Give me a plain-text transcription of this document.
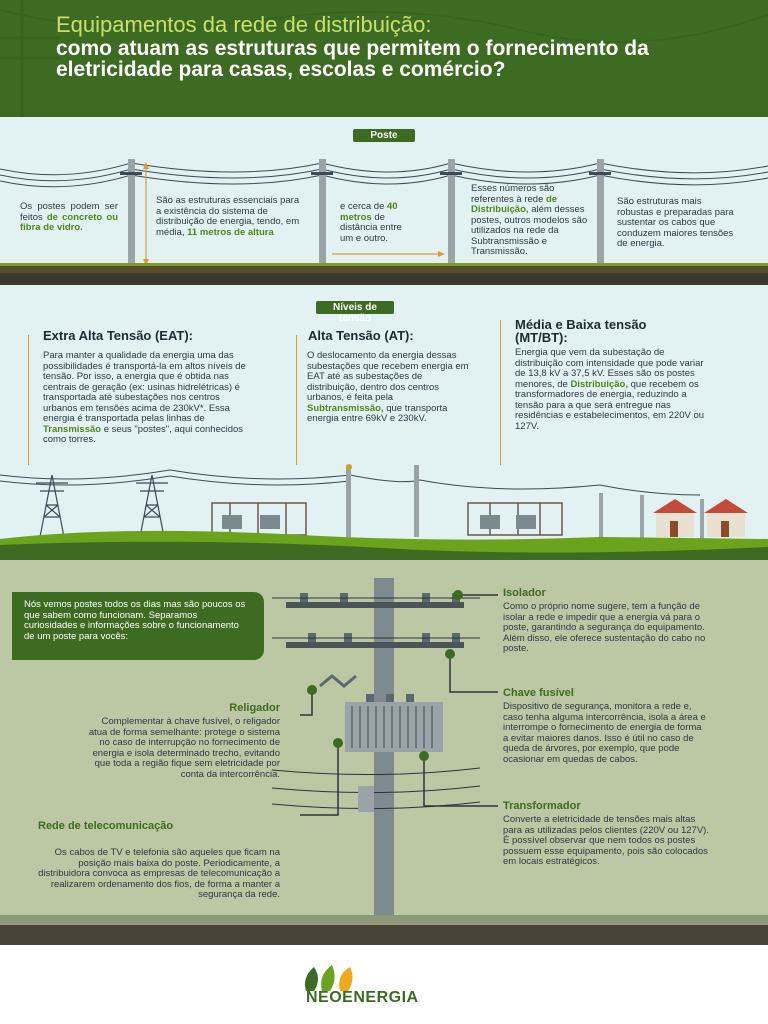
Equipamentos da rede de distribuição:
como atuam as estruturas que permitem o fornecimento da eletricidade para casas, escolas e comércio?
Poste
Os postes podem ser feitos de concreto ou fibra de vidro.
São as estruturas essenciais para a existência do sistema de distribuição de energia, tendo, em média, 11 metros de altura
e cerca de 40 metros de distância entre um e outro.
Esses números são referentes à rede de Distribuição, além desses postes, outros modelos são utilizados na rede da Subtransmissão e Transmissão.
São estruturas mais robustas e preparadas para sustentar os cabos que conduzem maiores tensões de energia.
Níveis de tensão
Extra Alta Tensão (EAT):
Para manter a qualidade da energia uma das possibilidades é transportá-la em altos níveis de tensão. Por isso, a energia que é obtida nas centrais de geração (ex: usinas hidrelétricas) é transportada até subestações nos centros urbanos em tensões acima de 230kV*. Essa energia é transportada pelas linhas de Transmissão e seus "postes", aqui conhecidos como torres.
Alta Tensão (AT):
O deslocamento da energia dessas subestações que recebem energia em EAT até as subestações de distribuição, dentro dos centros urbanos, é feita pela Subtransmissão, que transporta energia entre 69kV e 230kV.
Média e Baixa tensão (MT/BT):
Energia que vem da subestação de distribuição com intensidade que pode variar de 13,8 kV a 37,5 kV. Esses são os postes menores, de Distribuição, que recebem os transformadores de energia, reduzindo a tensão para a que será entregue nas residências e estabelecimentos, em 220V ou 127V.
Nós vemos postes todos os dias mas são poucos os que sabem como funcionam. Separamos curiosidades e informações sobre o funcionamento de um poste para vocês:
Isolador
Como o próprio nome sugere, tem a função de isolar a rede e impedir que a energia vá para o poste, garantindo a segurança do equipamento. Além disso, ele oferece sustentação do cabo no poste.
Chave fusível
Dispositivo de segurança, monitora a rede e, caso tenha alguma intercorrência, isola a área e interrompe o fornecimento de energia de forma a evitar maiores danos. Isso é útil no caso de queda de árvores, por exemplo, que pode ocasionar em quedas de cabos.
Transformador
Converte a eletricidade de tensões mais altas para as utilizadas pelos clientes (220V ou 127V). É possível observar que nem todos os postes possuem esse equipamento, pois são colocados em locais estratégicos.
Religador
Complementar à chave fusível, o religador atua de forma semelhante: protege o sistema no caso de interrupção no fornecimento de energia e isola determinado trecho, evitando que toda a região fique sem eletricidade por conta da intercorrência.
Rede de telecomunicação
Os cabos de TV e telefonia são aqueles que ficam na posição mais baixa do poste. Periodicamente, a distribuidora convoca as empresas de telecomunicação a realizarem ordenamento dos fios, de forma a manter a segurança da rede.
NEOENERGIA
